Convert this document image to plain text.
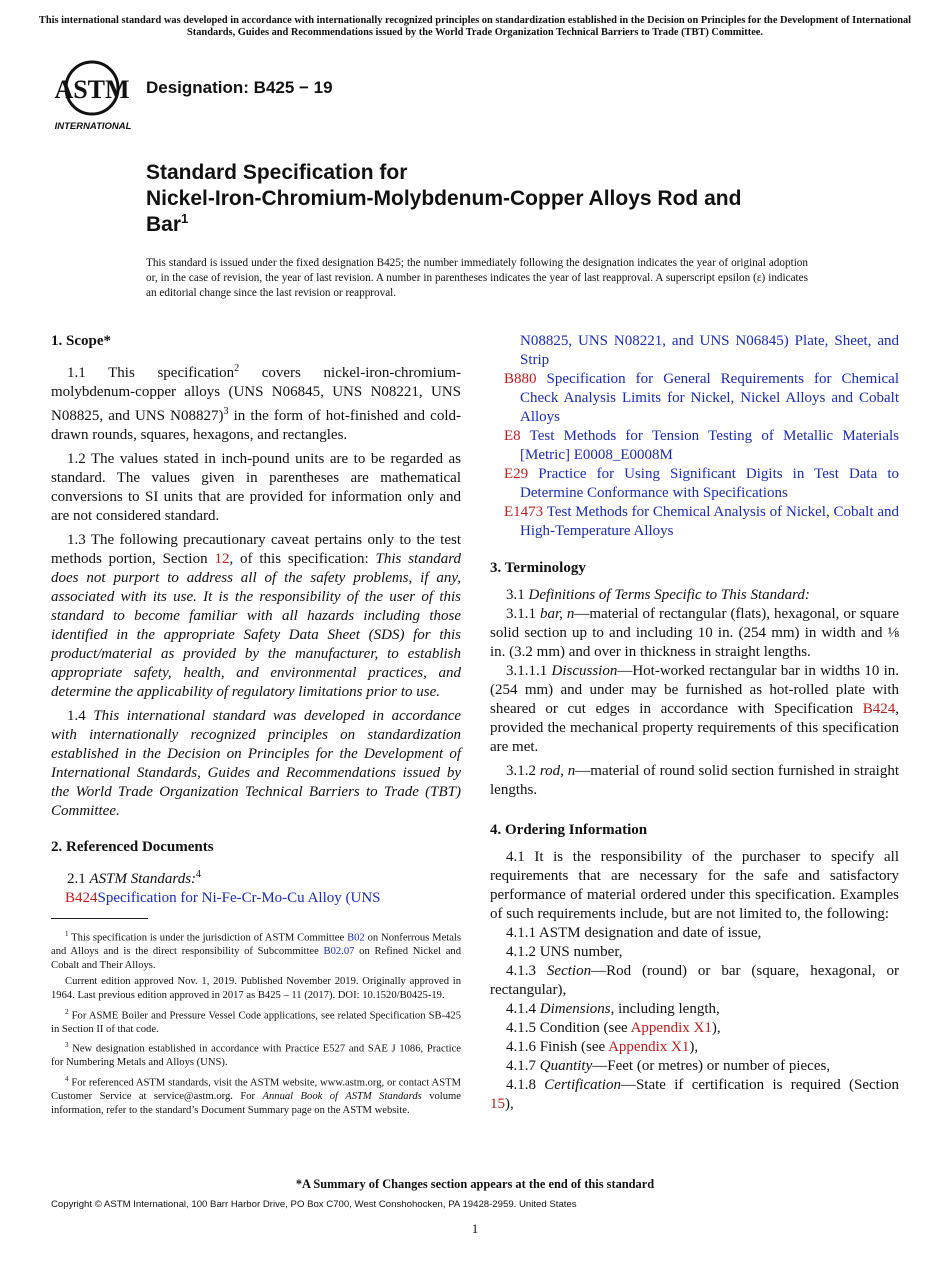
This international standard was developed in accordance with internationally recognized principles on standardization established in the Decision on Principles for the Development of International Standards, Guides and Recommendations issued by the World Trade Organization Technical Barriers to Trade (TBT) Committee.

ASTM
INTERNATIONAL

Designation: B425 − 19

Standard Specification for
Nickel-Iron-Chromium-Molybdenum-Copper Alloys Rod and
Bar$^1$

This standard is issued under the fixed designation B425; the number immediately following the designation indicates the year of original adoption or, in the case of revision, the year of last revision. A number in parentheses indicates the year of last reapproval. A superscript epsilon (ε) indicates an editorial change since the last revision or reapproval.

1. Scope*

1.1 This specification$^2$ covers nickel-iron-chromium-molybdenum-copper alloys (UNS N06845, UNS N08221, UNS N08825, and UNS N08827)$^3$ in the form of hot-finished and cold-drawn rounds, squares, hexagons, and rectangles.

1.2 The values stated in inch-pound units are to be regarded as standard. The values given in parentheses are mathematical conversions to SI units that are provided for information only and are not considered standard.

1.3 The following precautionary caveat pertains only to the test methods portion, Section 12, of this specification: This standard does not purport to address all of the safety problems, if any, associated with its use. It is the responsibility of the user of this standard to become familiar with all hazards including those identified in the appropriate Safety Data Sheet (SDS) for this product/material as provided by the manufacturer, to establish appropriate safety, health, and environmental practices, and determine the applicability of regulatory limitations prior to use.

1.4 This international standard was developed in accordance with internationally recognized principles on standardization established in the Decision on Principles for the Development of International Standards, Guides and Recommendations issued by the World Trade Organization Technical Barriers to Trade (TBT) Committee.

2. Referenced Documents

2.1 ASTM Standards:$^4$

B424Specification for Ni-Fe-Cr-Mo-Cu Alloy (UNS

$^1$ This specification is under the jurisdiction of ASTM Committee B02 on Nonferrous Metals and Alloys and is the direct responsibility of Subcommittee B02.07 on Refined Nickel and Cobalt and Their Alloys.

Current edition approved Nov. 1, 2019. Published November 2019. Originally approved in 1964. Last previous edition approved in 2017 as B425 – 11 (2017). DOI: 10.1520/B0425-19.

$^2$ For ASME Boiler and Pressure Vessel Code applications, see related Specification SB-425 in Section II of that code.

$^3$ New designation established in accordance with Practice E527 and SAE J 1086, Practice for Numbering Metals and Alloys (UNS).

$^4$ For referenced ASTM standards, visit the ASTM website, www.astm.org, or contact ASTM Customer Service at service@astm.org. For Annual Book of ASTM Standards volume information, refer to the standard’s Document Summary page on the ASTM website.

N08825, UNS N08221, and UNS N06845) Plate, Sheet, and Strip

B880 Specification for General Requirements for Chemical Check Analysis Limits for Nickel, Nickel Alloys and Cobalt Alloys

E8 Test Methods for Tension Testing of Metallic Materials [Metric] E0008_E0008M

E29 Practice for Using Significant Digits in Test Data to Determine Conformance with Specifications

E1473 Test Methods for Chemical Analysis of Nickel, Cobalt and High-Temperature Alloys

3. Terminology

3.1 Definitions of Terms Specific to This Standard:

3.1.1 bar, n—material of rectangular (flats), hexagonal, or square solid section up to and including 10 in. (254 mm) in width and ⅛ in. (3.2 mm) and over in thickness in straight lengths.

3.1.1.1 Discussion—Hot-worked rectangular bar in widths 10 in. (254 mm) and under may be furnished as hot-rolled plate with sheared or cut edges in accordance with Specification B424, provided the mechanical property requirements of this specification are met.

3.1.2 rod, n—material of round solid section furnished in straight lengths.

4. Ordering Information

4.1 It is the responsibility of the purchaser to specify all requirements that are necessary for the safe and satisfactory performance of material ordered under this specification. Examples of such requirements include, but are not limited to, the following:

4.1.1 ASTM designation and date of issue,

4.1.2 UNS number,

4.1.3 Section—Rod (round) or bar (square, hexagonal, or rectangular),

4.1.4 Dimensions, including length,

4.1.5 Condition (see Appendix X1),

4.1.6 Finish (see Appendix X1),

4.1.7 Quantity—Feet (or metres) or number of pieces,

4.1.8 Certification—State if certification is required (Section 15),

*A Summary of Changes section appears at the end of this standard

Copyright © ASTM International, 100 Barr Harbor Drive, PO Box C700, West Conshohocken, PA 19428-2959. United States

1
